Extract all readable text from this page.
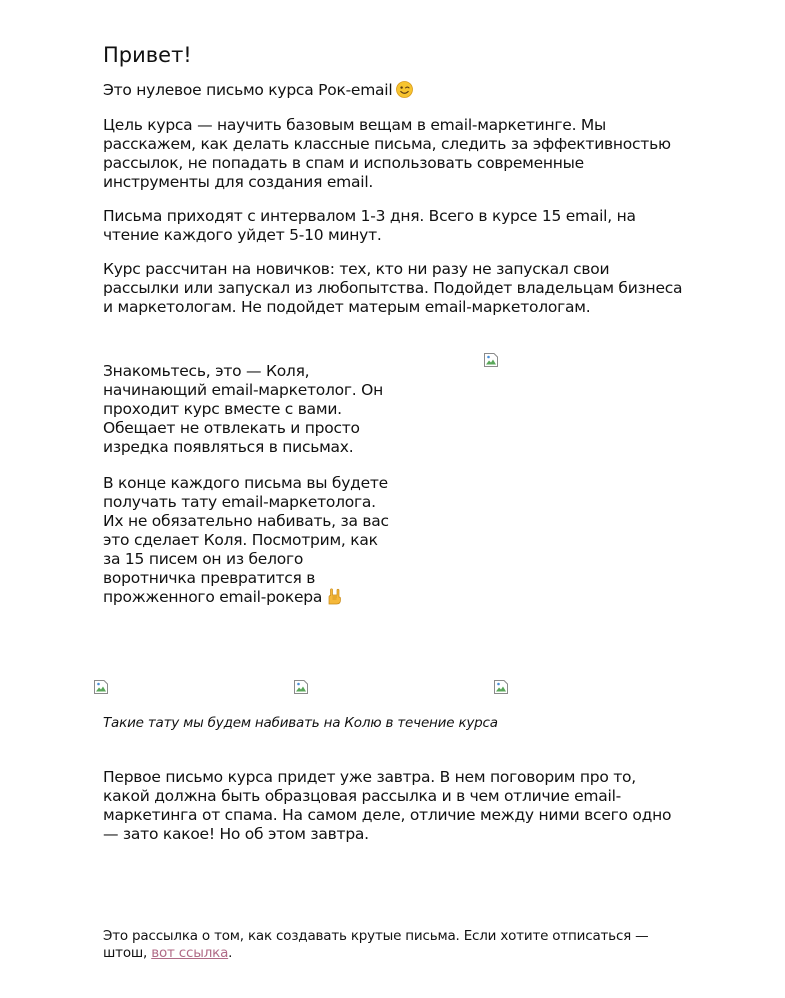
Привет!

Это нулевое письмо курса Рок-email

Цель курса — научить базовым вещам в email-маркетинге. Мы расскажем, как делать классные письма, следить за эффективностью рассылок, не попадать в спам и использовать современные инструменты для создания email.

Письма приходят с интервалом 1-3 дня. Всего в курсе 15 email, на чтение каждого уйдет 5-10 минут.

Курс рассчитан на новичков: тех, кто ни разу не запускал свои рассылки или запускал из любопытства. Подойдет владельцам бизнеса и маркетологам. Не подойдет матерым email-маркетологам.

Знакомьтесь, это — Коля, начинающий email-маркетолог. Он проходит курс вместе с вами. Обещает не отвлекать и просто изредка появляться в письмах.

В конце каждого письма вы будете получать тату email-маркетолога. Их не обязательно набивать, за вас это сделает Коля. Посмотрим, как за 15 писем он из белого воротничка превратится в прожженного email-рокера

Такие тату мы будем набивать на Колю в течение курса

Первое письмо курса придет уже завтра. В нем поговорим про то, какой должна быть образцовая рассылка и в чем отличие email-маркетинга от спама. На самом деле, отличие между ними всего одно — зато какое! Но об этом завтра.

Это рассылка о том, как создавать крутые письма. Если хотите отписаться — штош, вот ссылка.
